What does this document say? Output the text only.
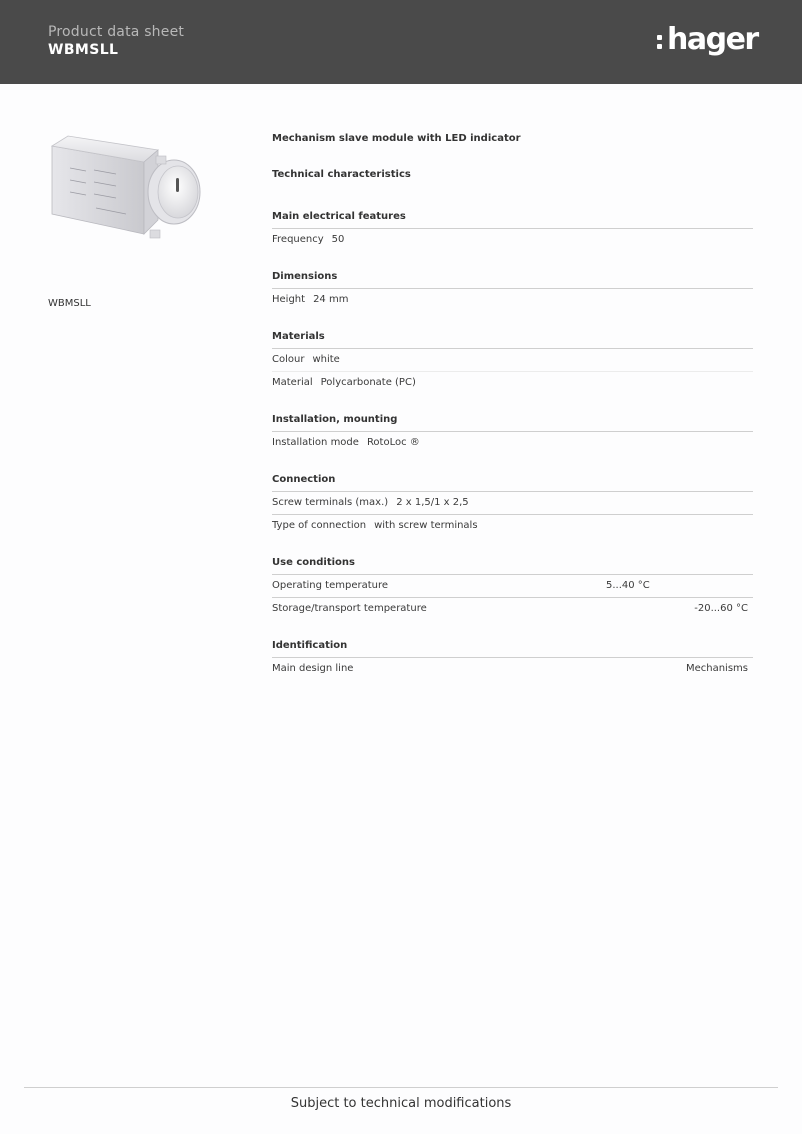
Product data sheet
WBMSLL	hager
WBMSLL
Mechanism slave module with LED indicator
Technical characteristics
Main electrical features
Frequency 50
Dimensions
Height 24 mm
Materials
Colour white
Material Polycarbonate (PC)
Installation, mounting
Installation mode RotoLoc ®
Connection
Screw terminals (max.) 2 x 1,5/1 x 2,5
Type of connection with screw terminals
Use conditions
Operating temperature	5...40 °C
Storage/transport temperature	-20...60 °C
Identification
Main design line	Mechanisms
Subject to technical modifications
